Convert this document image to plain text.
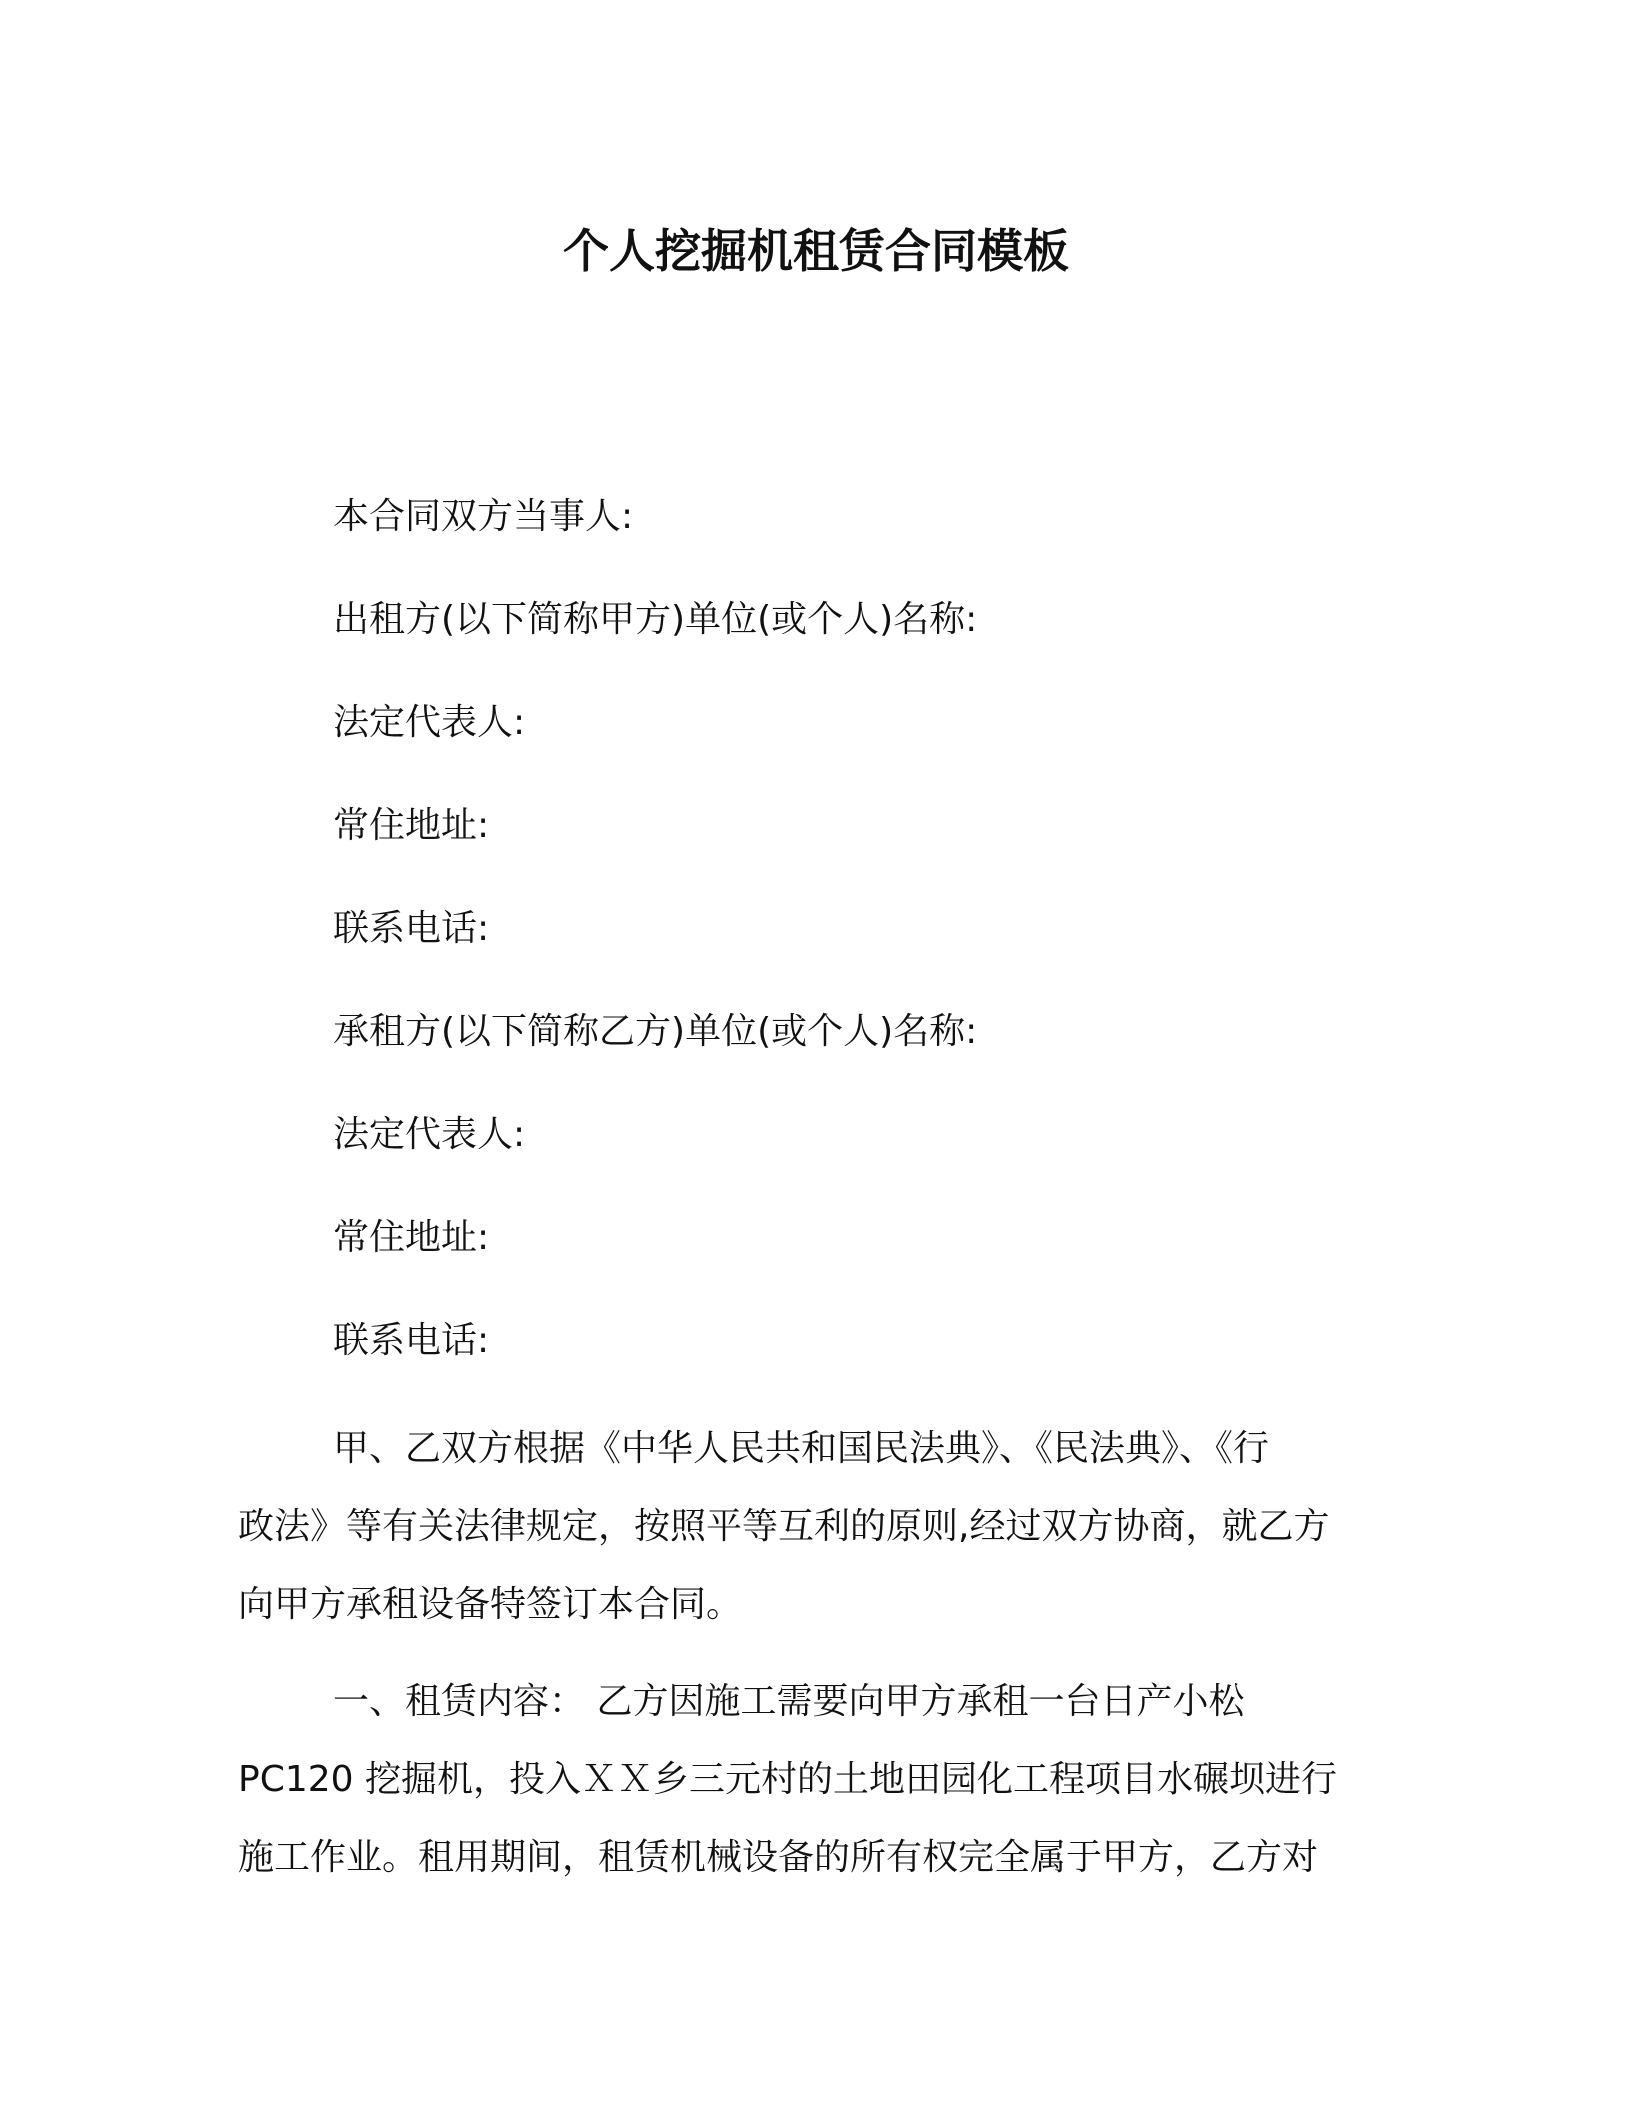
个人挖掘机租赁合同模板
本合同双方当事人:
出租方(以下简称甲方)单位(或个人)名称:
法定代表人:
常住地址:
联系电话:
承租方(以下简称乙方)单位(或个人)名称:
法定代表人:
常住地址:
联系电话:
甲、乙双方根据《中华人民共和国民法典》、《民法典》、《行
政法》等有关法律规定，按照平等互利的原则,经过双方协商，就乙方
向甲方承租设备特签订本合同。
一、租赁内容： 乙方因施工需要向甲方承租一台日产小松
PC120 挖掘机，投入ＸＸ乡三元村的土地田园化工程项目水碾坝进行
施工作业。租用期间，租赁机械设备的所有权完全属于甲方，乙方对
